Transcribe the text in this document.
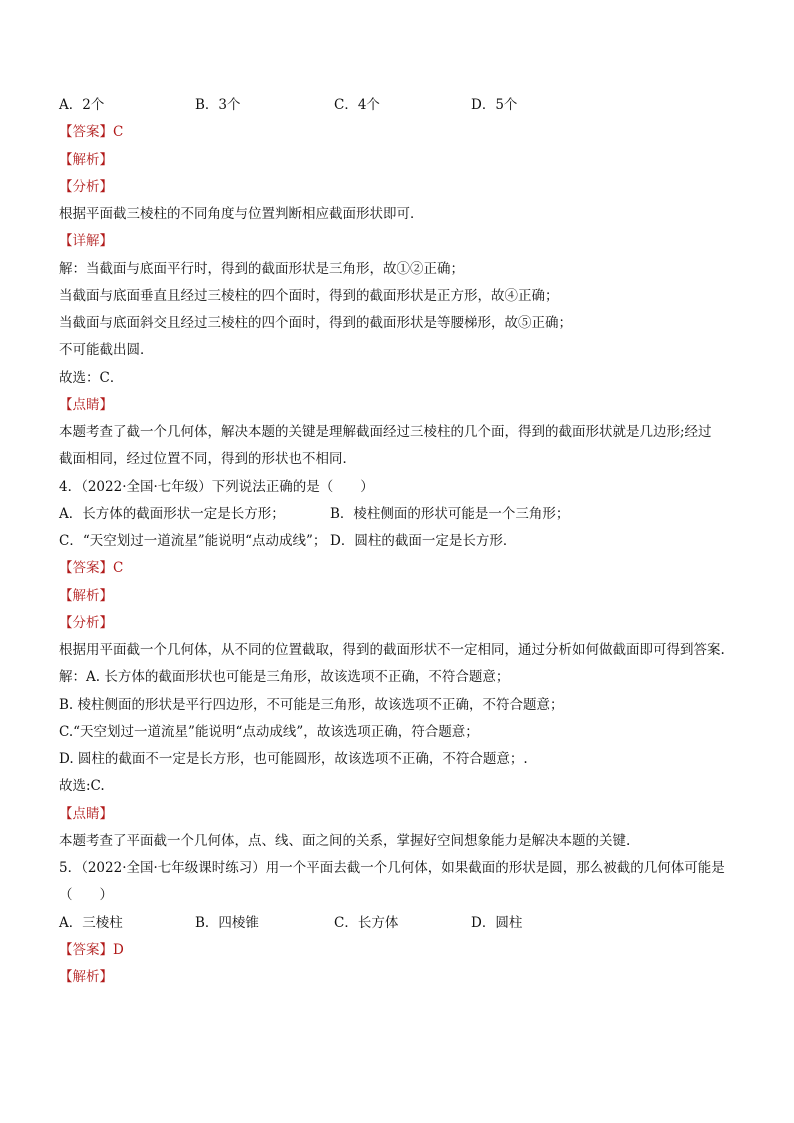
A．2个	B．3个	C．4个	D．5个
【答案】C
【解析】
【分析】
根据平面截三棱柱的不同角度与位置判断相应截面形状即可．
【详解】
解：当截面与底面平行时，得到的截面形状是三角形，故①②正确；
当截面与底面垂直且经过三棱柱的四个面时，得到的截面形状是正方形，故④正确；
当截面与底面斜交且经过三棱柱的四个面时，得到的截面形状是等腰梯形，故⑤正确；
不可能截出圆．
故选：C．
【点睛】
本题考查了截一个几何体，解决本题的关键是理解截面经过三棱柱的几个面，得到的截面形状就是几边形;经过
截面相同，经过位置不同，得到的形状也不相同．
4．（2022·全国·七年级）下列说法正确的是（　　）
A．长方体的截面形状一定是长方形；	B．棱柱侧面的形状可能是一个三角形；
C．“天空划过一道流星”能说明“点动成线”； D．圆柱的截面一定是长方形．
【答案】C
【解析】
【分析】
根据用平面截一个几何体，从不同的位置截取，得到的截面形状不一定相同，通过分析如何做截面即可得到答案.
解：A. 长方体的截面形状也可能是三角形，故该选项不正确，不符合题意；
B. 棱柱侧面的形状是平行四边形，不可能是三角形，故该选项不正确，不符合题意；
C.“天空划过一道流星”能说明“点动成线”，故该选项正确，符合题意；
D. 圆柱的截面不一定是长方形，也可能圆形，故该选项不正确，不符合题意；.
故选:C.
【点睛】
本题考查了平面截一个几何体，点、线、面之间的关系，掌握好空间想象能力是解决本题的关键.
5．（2022·全国·七年级课时练习）用一个平面去截一个几何体，如果截面的形状是圆，那么被截的几何体可能是
（　　）
A．三棱柱	B．四棱锥	C．长方体	D．圆柱
【答案】D
【解析】
